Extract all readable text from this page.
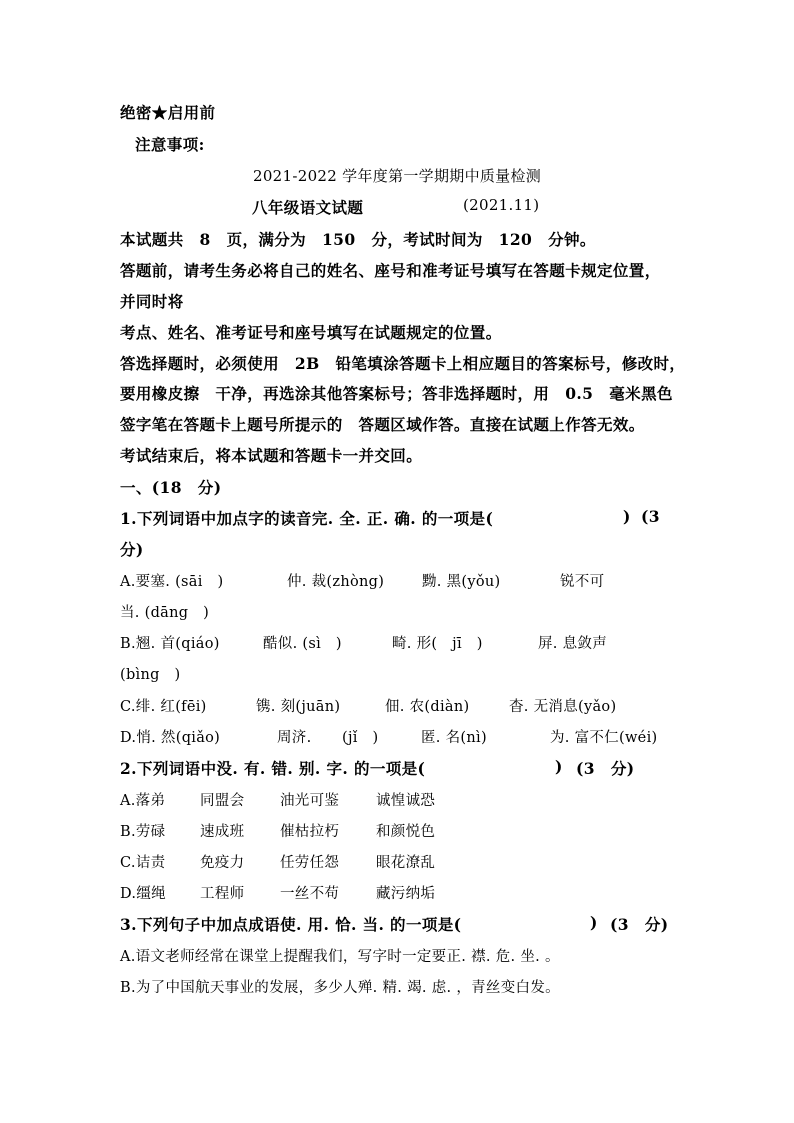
绝密★启用前
注意事项:
2021-2022 学年度第一学期期中质量检测
八年级语文试题	(2021.11)
本试题共　8　页，满分为　150　分，考试时间为　120　分钟。
答题前，请考生务必将自己的姓名、座号和准考证号填写在答题卡规定位置，
并同时将
考点、姓名、准考证号和座号填写在试题规定的位置。
答选择题时，必须使用　2B　铅笔填涂答题卡上相应题目的答案标号，修改时，
要用橡皮擦　干净，再选涂其他答案标号；答非选择题时，用　0.5　毫米黑色
签字笔在答题卡上题号所提示的　答题区域作答。直接在试题上作答无效。
考试结束后，将本试题和答题卡一并交回。
一、(18　分)
1.下列词语中加点字的读音完. 全. 正. 确. 的一项是(	) (3
分)
A.要塞. (sāi　)	仲. 裁(zhòng)	黝. 黑(yǒu)	锐不可
当. (dāng　)
B.翘. 首(qiáo)	酷似. (sì　)	畸. 形(　jī　)	屏. 息敛声
(bìng　)
C.绯. 红(fēi)	镌. 刻(juān)	佃. 农(diàn)	杳. 无消息(yǎo)
D.悄. 然(qiǎo)	周济. (jǐ　)	匿. 名(nì)	为. 富不仁(wéi)
2.下列词语中没. 有. 错. 别. 字. 的一项是(	) (3　分)
A.落弟 同盟会 油光可鉴	诚惶诚恐
B.劳碌 速成班 催枯拉朽	和颜悦色
C.诘责 免疫力 任劳任怨	眼花潦乱
D.缰绳 工程师 一丝不苟	藏污纳垢
3.下列句子中加点成语使. 用. 恰. 当. 的一项是(	) (3　分)
A.语文老师经常在课堂上提醒我们，写字时一定要正. 襟. 危. 坐. 。
B.为了中国航天事业的发展，多少人殚. 精. 竭. 虑. ，青丝变白发。
